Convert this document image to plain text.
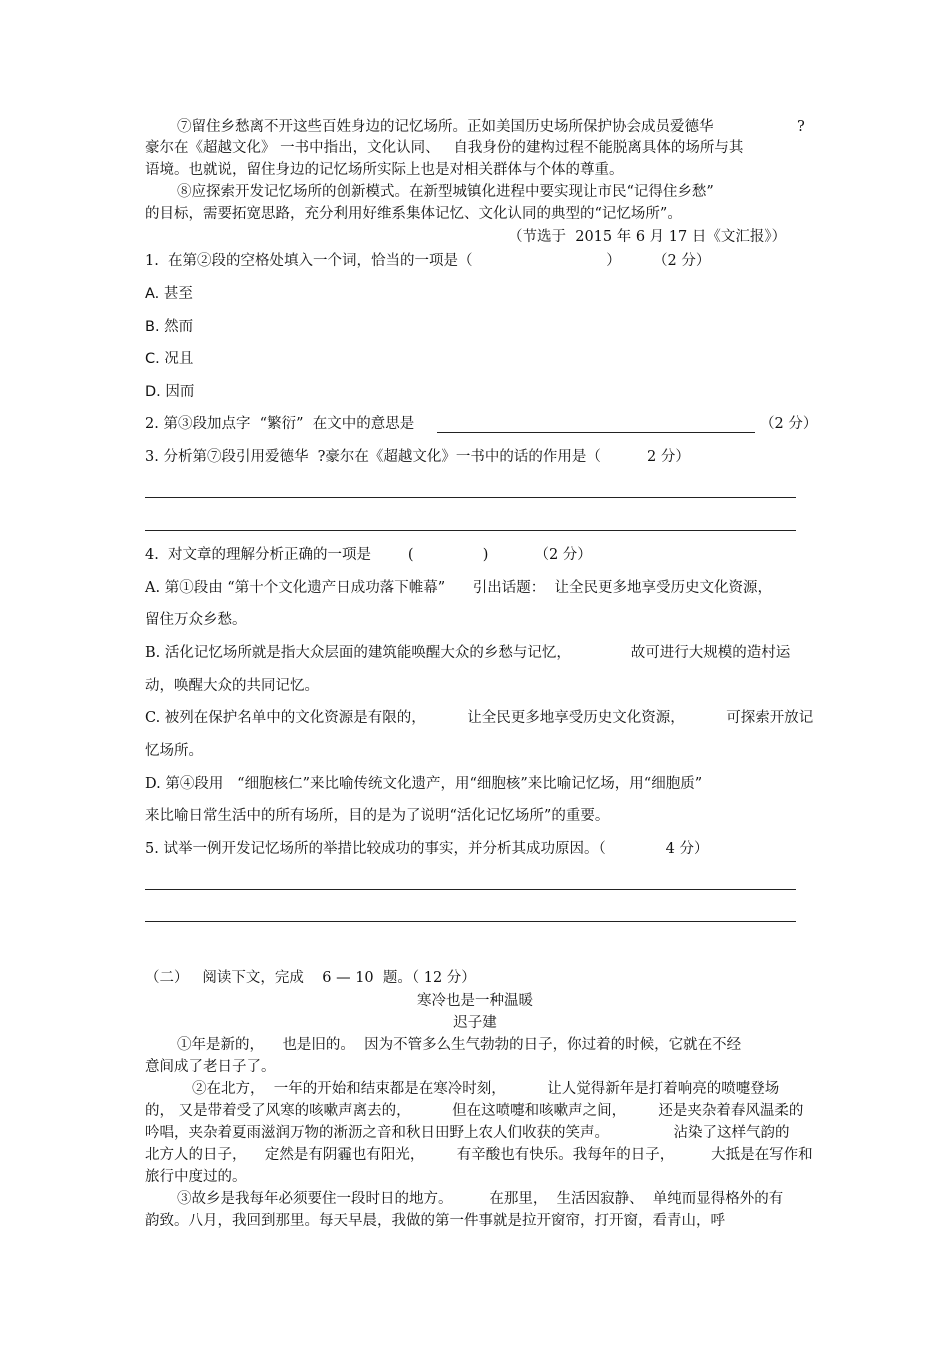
⑦留住乡愁离不开这些百姓身边的记忆场所。正如美国历史场所保护协会成员爱德华	?
豪尔在《超越文化》 一书中指出，文化认同、   自我身份的建构过程不能脱离具体的场所与其
语境。也就说，留住身边的记忆场所实际上也是对相关群体与个体的尊重。
⑧应探索开发记忆场所的创新模式。在新型城镇化进程中要实现让市民“记得住乡愁”
的目标，需要拓宽思路，充分利用好维系集体记忆、文化认同的典型的“记忆场所”。
（节选于  2015 年 6 月 17 日《文汇报》）
1.  在第②段的空格处填入一个词，恰当的一项是（                             ）       （2 分）
A. 甚至
B. 然而
C. 况且
D. 因而
2. 第③段加点字  “繁衍”  在文中的意思是	（2 分）
3. 分析第⑦段引用爱德华  ?豪尔在《超越文化》一书中的话的作用是（          2 分）
4.  对文章的理解分析正确的一项是        (               )          （2 分）
A. 第①段由 “第十个文化遗产日成功落下帷幕”      引出话题：  让全民更多地享受历史文化资源，
留住万众乡愁。
B. 活化记忆场所就是指大众层面的建筑能唤醒大众的乡愁与记忆，             故可进行大规模的造村运
动，唤醒大众的共同记忆。
C. 被列在保护名单中的文化资源是有限的，         让全民更多地享受历史文化资源，         可探索开放记
忆场所。
D. 第④段用   “细胞核仁”来比喻传统文化遗产，用“细胞核”来比喻记忆场，用“细胞质”
来比喻日常生活中的所有场所，目的是为了说明“活化记忆场所”的重要。
5. 试举一例开发记忆场所的举措比较成功的事实，并分析其成功原因。（             4 分）
（二）   阅读下文，完成    6 — 10  题。（ 12 分）
寒冷也是一种温暖
迟子建
①年是新的，    也是旧的。  因为不管多么生气勃勃的日子，你过着的时候，它就在不经
意间成了老日子了。
②在北方，  一年的开始和结束都是在寒冷时刻，         让人觉得新年是打着响亮的喷嚏登场
的， 又是带着受了风寒的咳嗽声离去的，         但在这喷嚏和咳嗽声之间，       还是夹杂着春风温柔的
吟唱，夹杂着夏雨滋润万物的淅沥之音和秋日田野上农人们收获的笑声。              沾染了这样气韵的
北方人的日子，    定然是有阴霾也有阳光，       有辛酸也有快乐。我每年的日子，        大抵是在写作和
旅行中度过的。
③故乡是我每年必须要住一段时日的地方。        在那里，  生活因寂静、  单纯而显得格外的有
韵致。八月，我回到那里。每天早晨，我做的第一件事就是拉开窗帘，打开窗，看青山，呼
